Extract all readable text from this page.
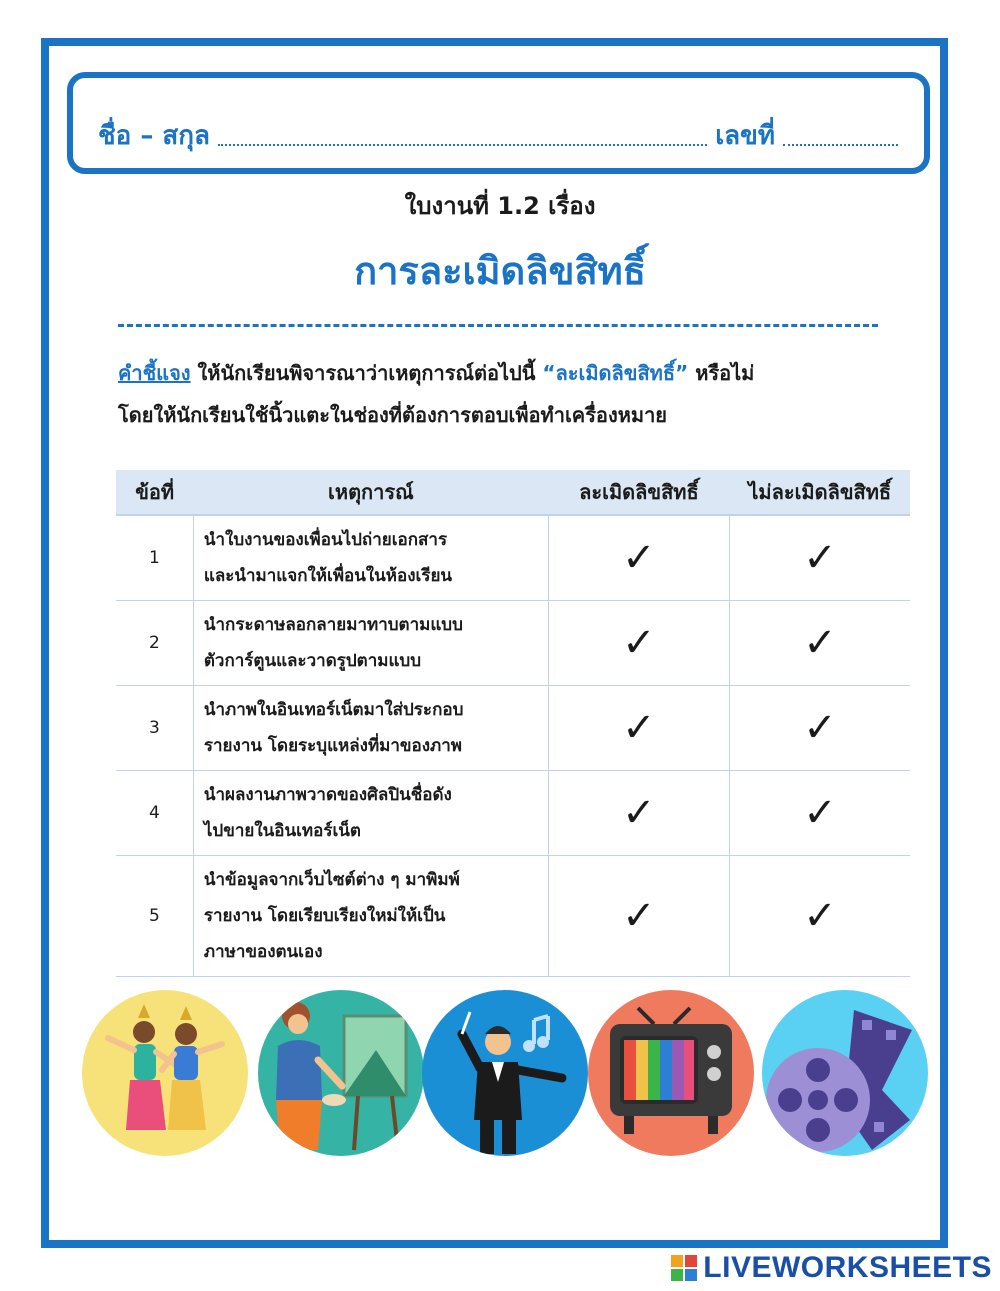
ชื่อ – สกุล	เลขที่
ใบงานที่ 1.2 เรื่อง
การละเมิดลิขสิทธิ์
คำชี้แจง ให้นักเรียนพิจารณาว่าเหตุการณ์ต่อไปนี้ “ละเมิดลิขสิทธิ์” หรือไม่
โดยให้นักเรียนใช้นิ้วแตะในช่องที่ต้องการตอบเพื่อทำเครื่องหมาย
ข้อที่	เหตุการณ์	ละเมิดลิขสิทธิ์	ไม่ละเมิดลิขสิทธิ์
1	นำใบงานของเพื่อนไปถ่ายเอกสาร
และนำมาแจกให้เพื่อนในห้องเรียน	✓	✓
2	นำกระดาษลอกลายมาทาบตามแบบ
ตัวการ์ตูนและวาดรูปตามแบบ	✓	✓
3	นำภาพในอินเทอร์เน็ตมาใส่ประกอบ
รายงาน โดยระบุแหล่งที่มาของภาพ	✓	✓
4	นำผลงานภาพวาดของศิลปินชื่อดัง
ไปขายในอินเทอร์เน็ต	✓	✓
5	นำข้อมูลจากเว็บไซต์ต่าง ๆ มาพิมพ์
รายงาน โดยเรียบเรียงใหม่ให้เป็น
ภาษาของตนเอง	✓	✓
LIVEWORKSHEETS
